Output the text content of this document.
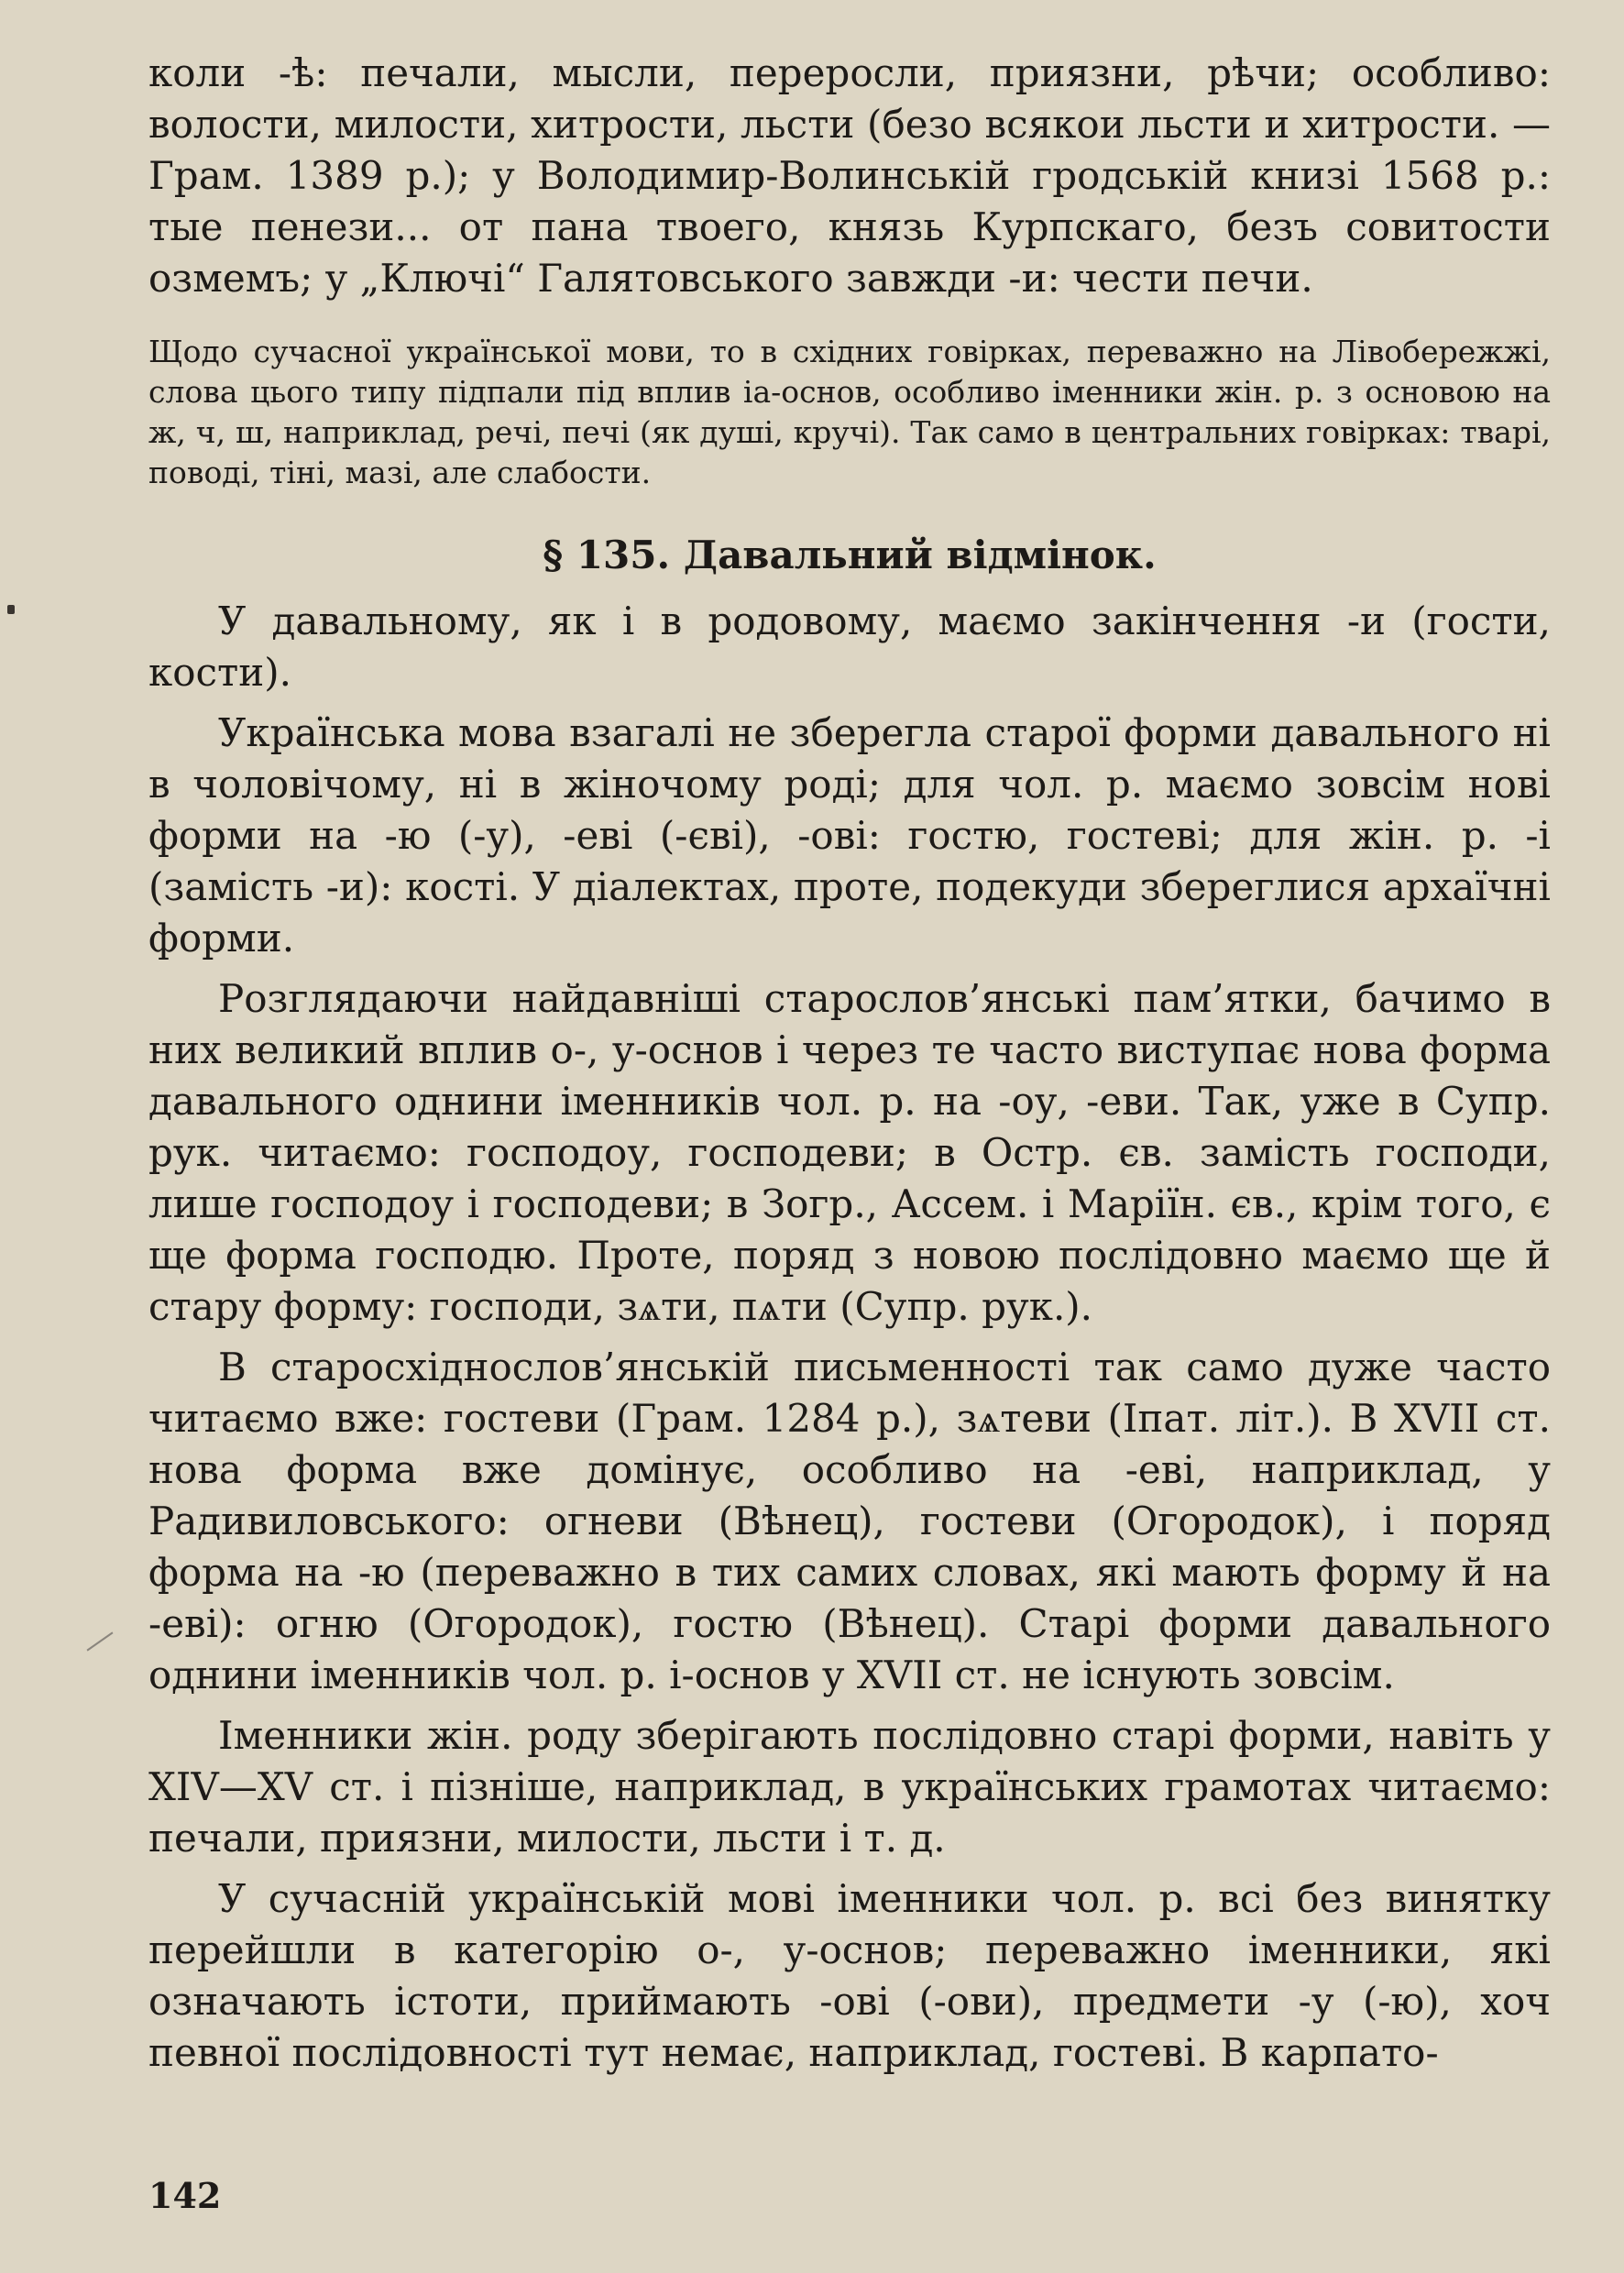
коли -ѣ: печали, мысли, переросли, приязни, рѣчи; особливо: волости, милости, хитрости, льсти (безо всякои льсти и хитрости. — Грам. 1389 р.); у Володимир-Волинській гродській книзі 1568 р.: тые пенези... от пана твоего, князь Курпскаго, безъ совитости озмемъ; у „Ключі“ Галятовського завжди -и: чести печи.

Щодо сучасної української мови, то в східних говірках, переважно на Лівобережжі, слова цього типу підпали під вплив іа-основ, особливо іменники жін. р. з основою на ж, ч, ш, наприклад, речі, печі (як душі, кручі). Так само в центральних говірках: тварі, поводі, тіні, мазі, але слабости.

§ 135. Давальний відмінок.

У давальному, як і в родовому, маємо закінчення -и (гости, кости).

Українська мова взагалі не зберегла старої форми давального ні в чоловічому, ні в жіночому роді; для чол. р. маємо зовсім нові форми на -ю (-у), -еві (-єві), -ові: гостю, гостеві; для жін. р. -і (замість -и): кості. У діалектах, проте, подекуди збереглися архаїчні форми.

Розглядаючи найдавніші старослов’янські пам’ятки, бачимо в них великий вплив о-, у-основ і через те часто виступає нова форма давального однини іменників чол. р. на -оу, -еви. Так, уже в Супр. рук. читаємо: господоу, господеви; в Остр. єв. замість господи, лише господоу і господеви; в Зогр., Ассем. і Маріїн. єв., крім того, є ще форма господю. Проте, поряд з новою послідовно маємо ще й стару форму: господи, зѧти, пѧти (Супр. рук.).

В старосхіднослов’янській письменності так само дуже часто читаємо вже: гостеви (Грам. 1284 р.), зѧтеви (Іпат. літ.). В XVII ст. нова форма вже домінує, особливо на -еві, наприклад, у Радивиловського: огневи (Вѣнец), гостеви (Огородок), і поряд форма на -ю (переважно в тих самих словах, які мають форму й на -еві): огню (Огородок), гостю (Вѣнец). Старі форми давального однини іменників чол. р. і-основ у XVII ст. не існують зовсім.

Іменники жін. роду зберігають послідовно старі форми, навіть у XIV—XV ст. і пізніше, наприклад, в українських грамотах читаємо: печали, приязни, милости, льсти і т. д.

У сучасній українській мові іменники чол. р. всі без винятку перейшли в категорію о-, у-основ; переважно іменники, які означають істоти, приймають -ові (-ови), предмети -у (-ю), хоч певної послідовності тут немає, наприклад, гостеві. В карпато-

142
